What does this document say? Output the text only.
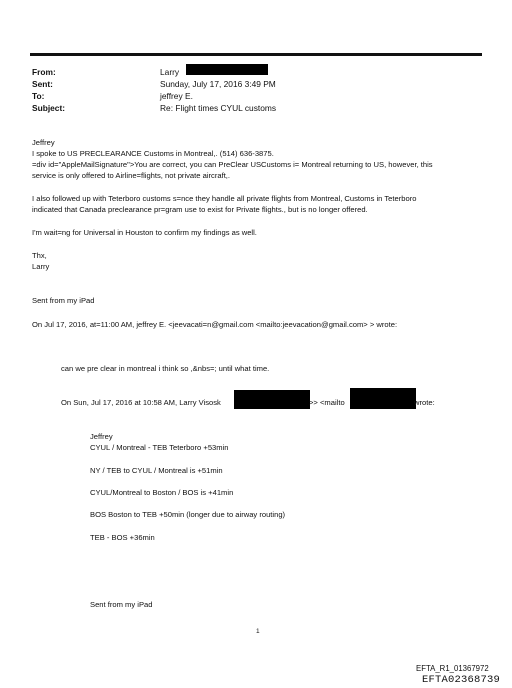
From:	Larry
Sent:	Sunday, July 17, 2016 3:49 PM
To:	jeffrey E.
Subject:	Re: Flight times CYUL customs
Jeffrey
I spoke to US PRECLEARANCE Customs in Montreal,. (514) 636-3875.
=div id="AppleMailSignature">You are correct, you can PreClear USCustoms i= Montreal returning to US, however, this
service is only offered to Airline=flights, not private aircraft,.
I also followed up with Teterboro customs s=nce they handle all private flights from Montreal, Customs in Teterboro
indicated that Canada preclearance pr=gram use to exist for Private flights., but is no longer offered.
I'm wait=ng for Universal in Houston to confirm my findings as well.
Thx,
Larry
Sent from my iPad
On Jul 17, 2016, at=11:00 AM, jeffrey E. <jeevacati=n@gmail.com <mailto:jeevacation@gmail.com> > wrote:
can we pre clear in montreal i think so ,&nbs=; until what time.
On Sun, Jul 17, 2016 at 10:58 AM, Larry Visosk	>> <mailto	wrote:
Jeffrey
CYUL / Montreal - TEB Teterboro +53min
NY / TEB to CYUL / Montreal is +51min
CYUL/Montreal to Boston / BOS is +41min
BOS Boston to TEB +50min (longer due to airway routing)
TEB - BOS +36min
Sent from my iPad
1
EFTA_R1_01367972
EFTA02368739
